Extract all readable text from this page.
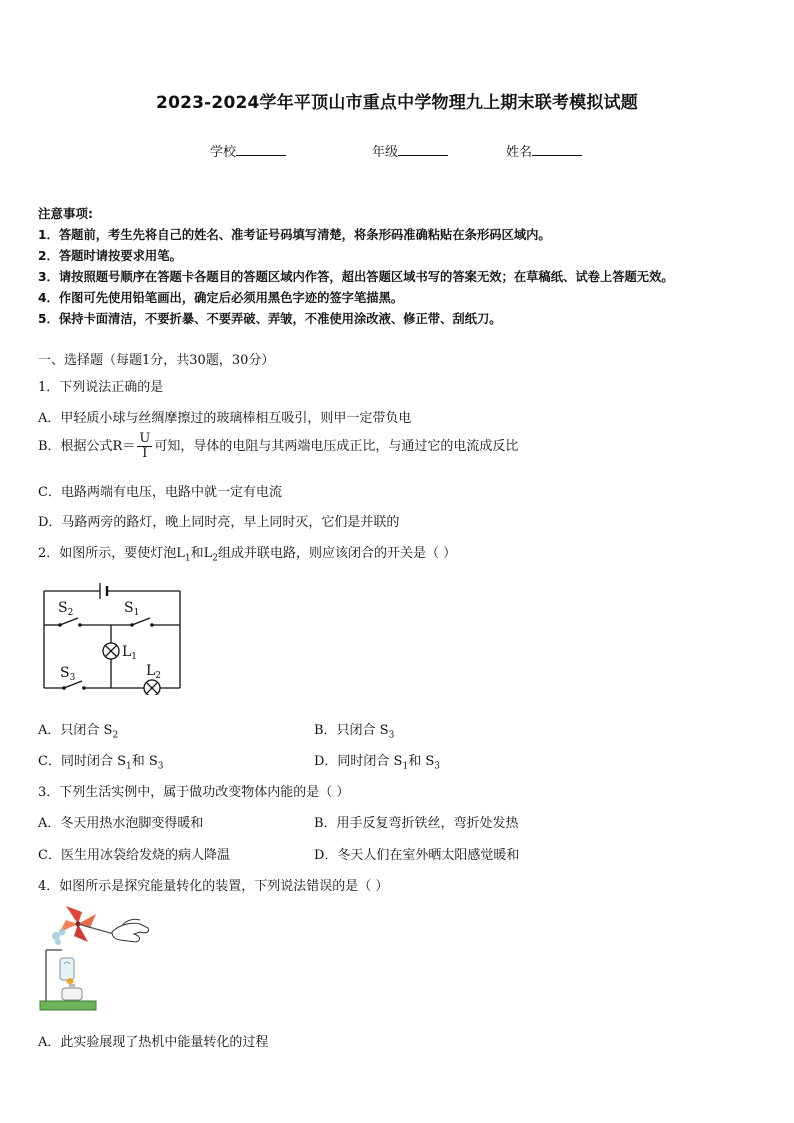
2023-2024学年平顶山市重点中学物理九上期末联考模拟试题
学校	年级	姓名
注意事项:
1．答题前，考生先将自己的姓名、准考证号码填写清楚，将条形码准确粘贴在条形码区域内。
2．答题时请按要求用笔。
3．请按照题号顺序在答题卡各题目的答题区域内作答，超出答题区域书写的答案无效；在草稿纸、试卷上答题无效。
4．作图可先使用铅笔画出，确定后必须用黑色字迹的签字笔描黑。
5．保持卡面清洁，不要折暴、不要弄破、弄皱，不准使用涂改液、修正带、刮纸刀。
一、选择题（每题1分，共30题，30分）
1．下列说法正确的是
A．甲轻质小球与丝绸摩擦过的玻璃棒相互吸引，则甲一定带负电
B．根据公式$R= \frac{U}{I}$ 可知，导体的电阻与其两端电压成正比，与通过它的电流成反比
C．电路两端有电压，电路中就一定有电流
D．马路两旁的路灯，晚上同时亮，早上同时灭，它们是并联的
2．如图所示，要使灯泡$L_1$和$L_2$组成并联电路，则应该闭合的开关是（ ）
$S_2$	$S_1$
$L_1$
$L_2$
$S_3$
A．只闭合 $S_2$	B．只闭合 $S_3$
C．同时闭合 $S_1$和 $S_3$	D．同时闭合 $S_1$和 $S_3$
3．下列生活实例中，属于做功改变物体内能的是（ ）
A．冬天用热水泡脚变得暖和	B．用手反复弯折铁丝，弯折处发热
C．医生用冰袋给发烧的病人降温	D．冬天人们在室外晒太阳感觉暖和
4．如图所示是探究能量转化的装置，下列说法错误的是（ ）
A．此实验展现了热机中能量转化的过程
